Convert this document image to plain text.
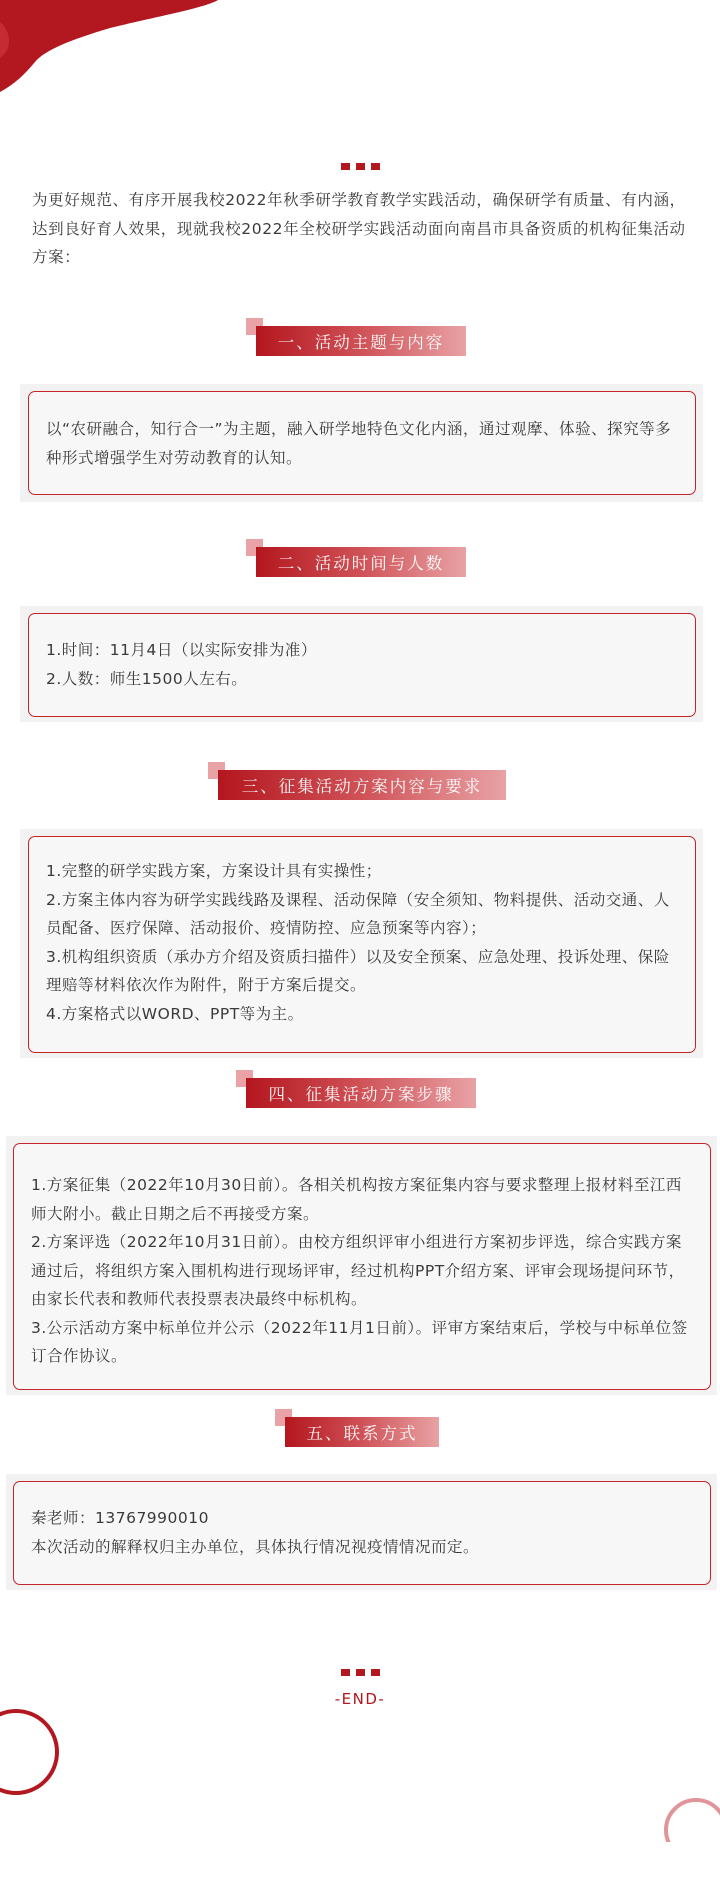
为更好规范、有序开展我校2022年秋季研学教育教学实践活动，确保研学有质量、有内涵，达到良好育人效果，现就我校2022年全校研学实践活动面向南昌市具备资质的机构征集活动方案：

一、活动主题与内容

以“农研融合，知行合一”为主题，融入研学地特色文化内涵，通过观摩、体验、探究等多种形式增强学生对劳动教育的认知。

二、活动时间与人数

1.时间：11月4日（以实际安排为准）
2.人数：师生1500人左右。

三、征集活动方案内容与要求

1.完整的研学实践方案，方案设计具有实操性；
2.方案主体内容为研学实践线路及课程、活动保障（安全须知、物料提供、活动交通、人员配备、医疗保障、活动报价、疫情防控、应急预案等内容）；
3.机构组织资质（承办方介绍及资质扫描件）以及安全预案、应急处理、投诉处理、保险理赔等材料依次作为附件，附于方案后提交。
4.方案格式以WORD、PPT等为主。

四、征集活动方案步骤

1.方案征集（2022年10月30日前）。各相关机构按方案征集内容与要求整理上报材料至江西师大附小。截止日期之后不再接受方案。
2.方案评选（2022年10月31日前）。由校方组织评审小组进行方案初步评选，综合实践方案通过后，将组织方案入围机构进行现场评审，经过机构PPT介绍方案、评审会现场提问环节，由家长代表和教师代表投票表决最终中标机构。
3.公示活动方案中标单位并公示（2022年11月1日前）。评审方案结束后，学校与中标单位签订合作协议。

五、联系方式

秦老师：13767990010
本次活动的解释权归主办单位，具体执行情况视疫情情况而定。

-END-
